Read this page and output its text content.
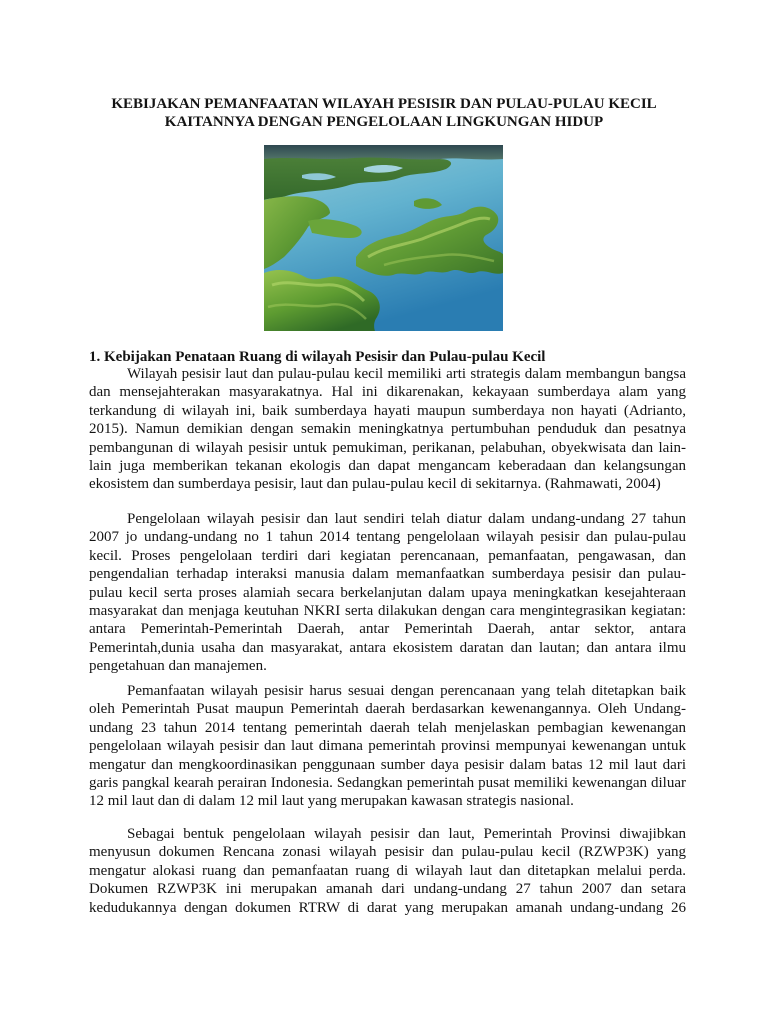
KEBIJAKAN PEMANFAATAN WILAYAH PESISIR DAN PULAU-PULAU KECIL
KAITANNYA DENGAN PENGELOLAAN LINGKUNGAN HIDUP
1. Kebijakan Penataan Ruang di wilayah Pesisir dan Pulau-pulau Kecil
Wilayah pesisir laut dan pulau-pulau kecil memiliki arti strategis dalam membangun bangsa
dan mensejahterakan masyarakatnya. Hal ini dikarenakan, kekayaan sumberdaya alam yang
terkandung di wilayah ini, baik sumberdaya hayati maupun sumberdaya non hayati (Adrianto,
2015). Namun demikian dengan semakin meningkatnya pertumbuhan penduduk dan pesatnya
pembangunan di wilayah pesisir untuk pemukiman, perikanan, pelabuhan, obyekwisata dan lain-
lain juga memberikan tekanan ekologis dan dapat mengancam keberadaan dan kelangsungan
ekosistem dan sumberdaya pesisir, laut dan pulau-pulau kecil di sekitarnya. (Rahmawati, 2004)
Pengelolaan wilayah pesisir dan laut sendiri telah diatur dalam undang-undang 27 tahun
2007 jo undang-undang no 1 tahun 2014 tentang pengelolaan wilayah pesisir dan pulau-pulau
kecil. Proses pengelolaan terdiri dari kegiatan perencanaan, pemanfaatan, pengawasan, dan
pengendalian terhadap interaksi manusia dalam memanfaatkan sumberdaya pesisir dan pulau-
pulau kecil serta proses alamiah secara berkelanjutan dalam upaya meningkatkan kesejahteraan
masyarakat dan menjaga keutuhan NKRI serta dilakukan dengan cara mengintegrasikan kegiatan:
antara Pemerintah-Pemerintah Daerah, antar Pemerintah Daerah, antar sektor, antara
Pemerintah,dunia usaha dan masyarakat, antara ekosistem daratan dan lautan; dan antara ilmu
pengetahuan dan manajemen.
Pemanfaatan wilayah pesisir harus sesuai dengan perencanaan yang telah ditetapkan baik
oleh Pemerintah Pusat maupun Pemerintah daerah berdasarkan kewenangannya. Oleh Undang-
undang 23 tahun 2014 tentang pemerintah daerah telah menjelaskan pembagian kewenangan
pengelolaan wilayah pesisir dan laut dimana pemerintah provinsi mempunyai kewenangan untuk
mengatur dan mengkoordinasikan penggunaan sumber daya pesisir dalam batas 12 mil laut dari
garis pangkal kearah perairan Indonesia. Sedangkan pemerintah pusat memiliki kewenangan diluar
12 mil laut dan di dalam 12 mil laut yang merupakan kawasan strategis nasional.
Sebagai bentuk pengelolaan wilayah pesisir dan laut, Pemerintah Provinsi diwajibkan
menyusun dokumen Rencana zonasi wilayah pesisir dan pulau-pulau kecil (RZWP3K) yang
mengatur alokasi ruang dan pemanfaatan ruang di wilayah laut dan ditetapkan melalui perda.
Dokumen RZWP3K ini merupakan amanah dari undang-undang 27 tahun 2007 dan setara
kedudukannya dengan dokumen RTRW di darat yang merupakan amanah undang-undang 26
